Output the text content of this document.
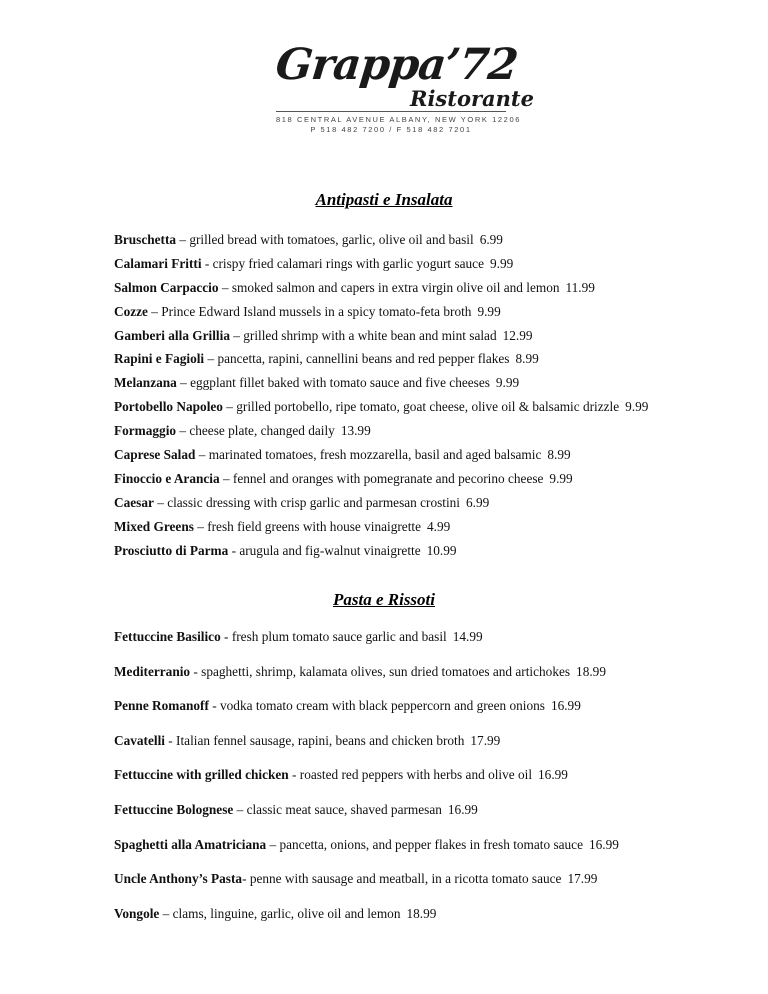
Grappa’72
Ristorante
818 CENTRAL AVENUE ALBANY, NEW YORK 12206
P 518 482 7200 / F 518 482 7201
Antipasti e Insalata
Bruschetta – grilled bread with tomatoes, garlic, olive oil and basil 6.99
Calamari Fritti - crispy fried calamari rings with garlic yogurt sauce 9.99
Salmon Carpaccio – smoked salmon and capers in extra virgin olive oil and lemon 11.99
Cozze – Prince Edward Island mussels in a spicy tomato-feta broth 9.99
Gamberi alla Grillia – grilled shrimp with a white bean and mint salad 12.99
Rapini e Fagioli – pancetta, rapini, cannellini beans and red pepper flakes 8.99
Melanzana – eggplant fillet baked with tomato sauce and five cheeses 9.99
Portobello Napoleo – grilled portobello, ripe tomato, goat cheese, olive oil & balsamic drizzle 9.99
Formaggio – cheese plate, changed daily 13.99
Caprese Salad – marinated tomatoes, fresh mozzarella, basil and aged balsamic 8.99
Finoccio e Arancia – fennel and oranges with pomegranate and pecorino cheese 9.99
Caesar – classic dressing with crisp garlic and parmesan crostini 6.99
Mixed Greens – fresh field greens with house vinaigrette 4.99
Prosciutto di Parma - arugula and fig-walnut vinaigrette 10.99
Pasta e Rissoti
Fettuccine Basilico - fresh plum tomato sauce garlic and basil 14.99
Mediterranio - spaghetti, shrimp, kalamata olives, sun dried tomatoes and artichokes 18.99
Penne Romanoff - vodka tomato cream with black peppercorn and green onions 16.99
Cavatelli - Italian fennel sausage, rapini, beans and chicken broth 17.99
Fettuccine with grilled chicken - roasted red peppers with herbs and olive oil 16.99
Fettuccine Bolognese – classic meat sauce, shaved parmesan 16.99
Spaghetti alla Amatriciana – pancetta, onions, and pepper flakes in fresh tomato sauce 16.99
Uncle Anthony’s Pasta- penne with sausage and meatball, in a ricotta tomato sauce 17.99
Vongole – clams, linguine, garlic, olive oil and lemon 18.99
